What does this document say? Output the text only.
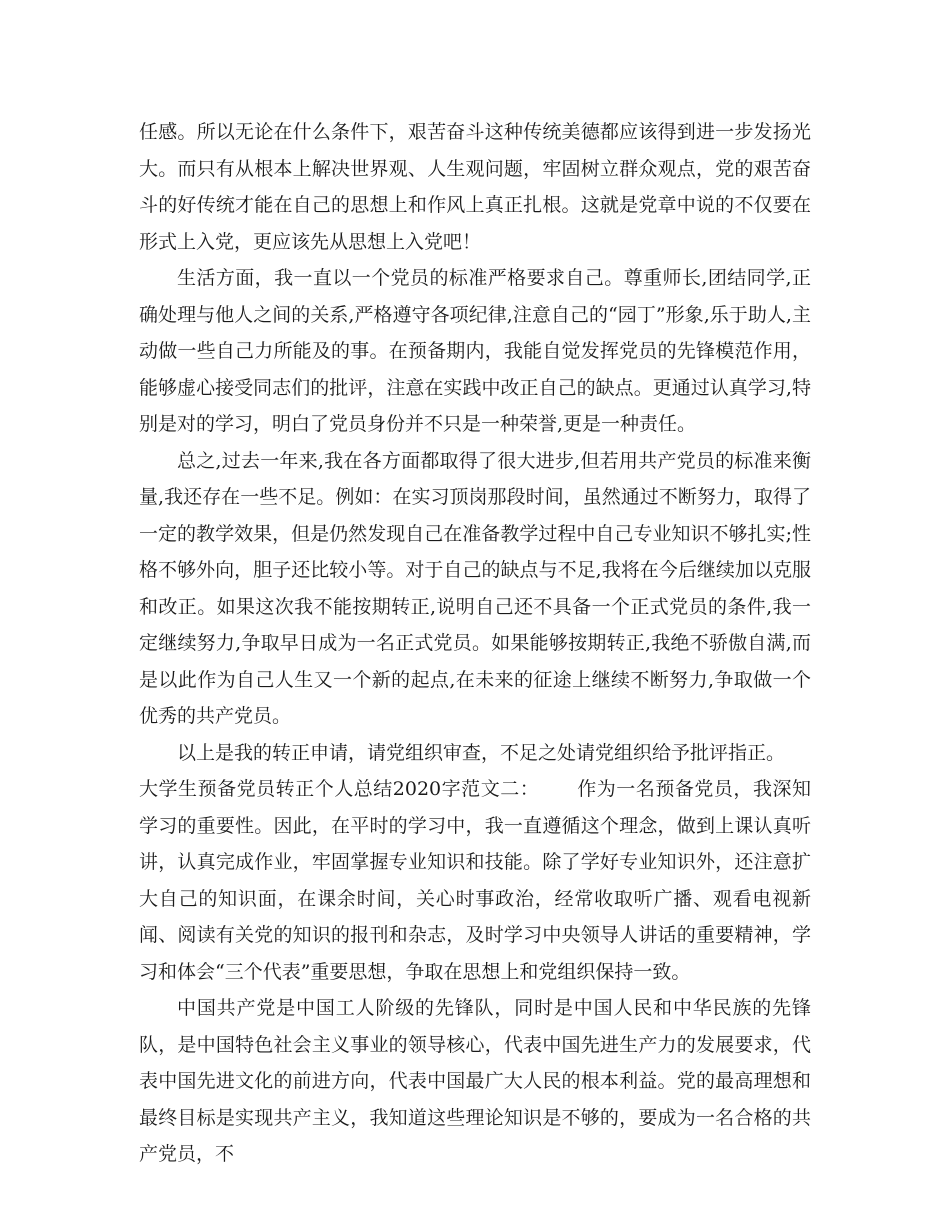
任感。所以无论在什么条件下，艰苦奋斗这种传统美德都应该得到进一步发扬光大。而只有从根本上解决世界观、人生观问题，牢固树立群众观点，党的艰苦奋斗的好传统才能在自己的思想上和作风上真正扎根。这就是党章中说的不仅要在形式上入党，更应该先从思想上入党吧！

生活方面，我一直以一个党员的标准严格要求自己。尊重师长,团结同学,正确处理与他人之间的关系,严格遵守各项纪律,注意自己的“园丁”形象,乐于助人,主动做一些自己力所能及的事。在预备期内，我能自觉发挥党员的先锋模范作用，能够虚心接受同志们的批评，注意在实践中改正自己的缺点。更通过认真学习,特别是对的学习，明白了党员身份并不只是一种荣誉,更是一种责任。

总之,过去一年来,我在各方面都取得了很大进步,但若用共产党员的标准来衡量,我还存在一些不足。例如：在实习顶岗那段时间，虽然通过不断努力，取得了一定的教学效果，但是仍然发现自己在准备教学过程中自己专业知识不够扎实;性格不够外向，胆子还比较小等。对于自己的缺点与不足,我将在今后继续加以克服和改正。如果这次我不能按期转正,说明自己还不具备一个正式党员的条件,我一定继续努力,争取早日成为一名正式党员。如果能够按期转正,我绝不骄傲自满,而是以此作为自己人生又一个新的起点,在未来的征途上继续不断努力,争取做一个优秀的共产党员。

以上是我的转正申请，请党组织审查，不足之处请党组织给予批评指正。

大学生预备党员转正个人总结2020字范文二： 作为一名预备党员，我深知学习的重要性。因此，在平时的学习中，我一直遵循这个理念，做到上课认真听讲，认真完成作业，牢固掌握专业知识和技能。除了学好专业知识外，还注意扩大自己的知识面，在课余时间，关心时事政治，经常收取听广播、观看电视新闻、阅读有关党的知识的报刊和杂志，及时学习中央领导人讲话的重要精神，学习和体会“三个代表”重要思想，争取在思想上和党组织保持一致。

中国共产党是中国工人阶级的先锋队，同时是中国人民和中华民族的先锋队，是中国特色社会主义事业的领导核心，代表中国先进生产力的发展要求，代表中国先进文化的前进方向，代表中国最广大人民的根本利益。党的最高理想和最终目标是实现共产主义，我知道这些理论知识是不够的，要成为一名合格的共产党员，不
